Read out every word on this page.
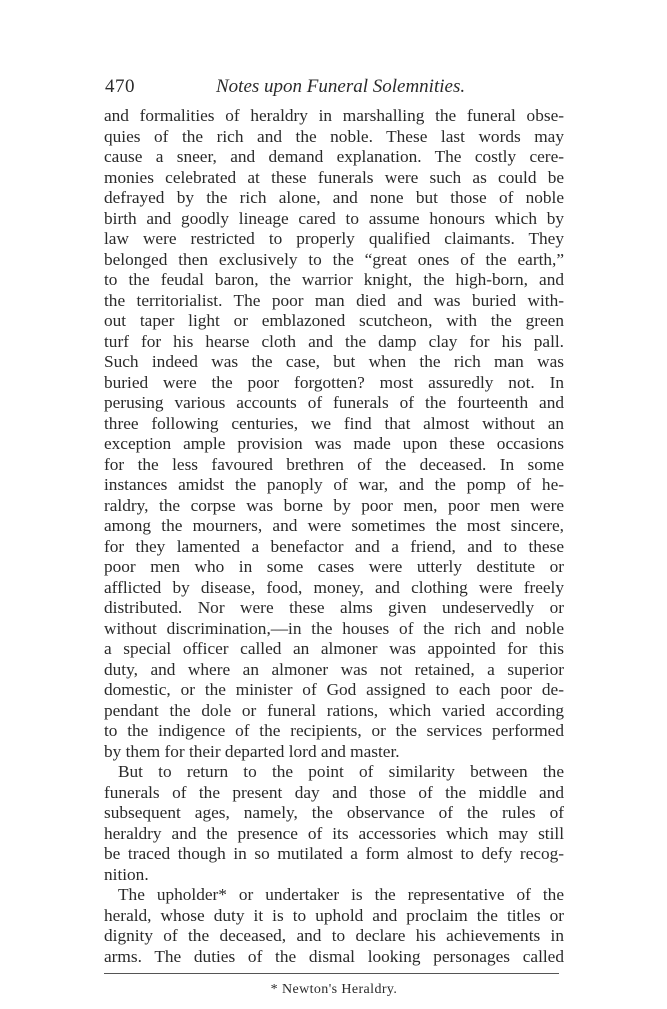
470	Notes upon Funeral Solemnities.
and formalities of heraldry in marshalling the funeral obse-
quies of the rich and the noble. These last words may
cause a sneer, and demand explanation. The costly cere-
monies celebrated at these funerals were such as could be
defrayed by the rich alone, and none but those of noble
birth and goodly lineage cared to assume honours which by
law were restricted to properly qualified claimants. They
belonged then exclusively to the “great ones of the earth,”
to the feudal baron, the warrior knight, the high-born, and
the territorialist. The poor man died and was buried with-
out taper light or emblazoned scutcheon, with the green
turf for his hearse cloth and the damp clay for his pall.
Such indeed was the case, but when the rich man was
buried were the poor forgotten? most assuredly not. In
perusing various accounts of funerals of the fourteenth and
three following centuries, we find that almost without an
exception ample provision was made upon these occasions
for the less favoured brethren of the deceased. In some
instances amidst the panoply of war, and the pomp of he-
raldry, the corpse was borne by poor men, poor men were
among the mourners, and were sometimes the most sincere,
for they lamented a benefactor and a friend, and to these
poor men who in some cases were utterly destitute or
afflicted by disease, food, money, and clothing were freely
distributed. Nor were these alms given undeservedly or
without discrimination,—in the houses of the rich and noble
a special officer called an almoner was appointed for this
duty, and where an almoner was not retained, a superior
domestic, or the minister of God assigned to each poor de-
pendant the dole or funeral rations, which varied according
to the indigence of the recipients, or the services performed
by them for their departed lord and master.
But to return to the point of similarity between the
funerals of the present day and those of the middle and
subsequent ages, namely, the observance of the rules of
heraldry and the presence of its accessories which may still
be traced though in so mutilated a form almost to defy recog-
nition.
The upholder* or undertaker is the representative of the
herald, whose duty it is to uphold and proclaim the titles or
dignity of the deceased, and to declare his achievements in
arms. The duties of the dismal looking personages called
* Newton's Heraldry.
